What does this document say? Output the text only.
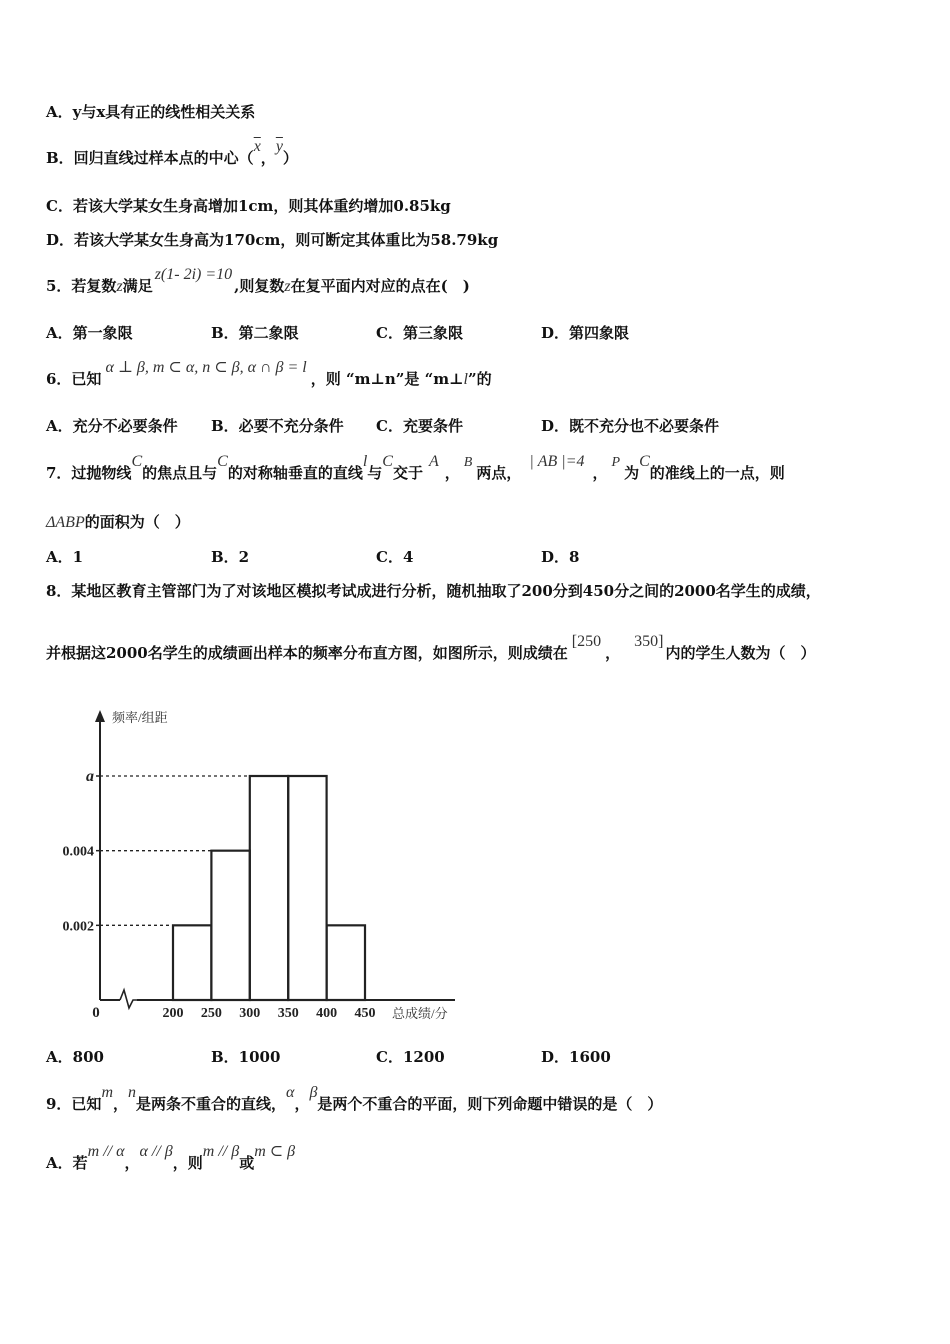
A．y与x具有正的线性相关关系
B．回归直线过样本点的中心（$\overline{x}$，$\overline{y}$）
C．若该大学某女生身高增加1cm，则其体重约增加0.85kg
D．若该大学某女生身高为170cm，则可断定其体重比为58.79kg
5．若复数z满足z(1- 2i) =10,则复数z在复平面内对应的点在(　)
A．第一象限	B．第二象限	C．第三象限	D．第四象限
6．已知α ⊥ β, m ⊂ α, n ⊂ β, α ∩ β = l，则 “m⊥n”是 “m⊥l”的
A．充分不必要条件 B．必要不充分条件 C．充要条件	D．既不充分也不必要条件
7．过抛物线C的焦点且与C的对称轴垂直的直线l与C交于A，B两点，| AB |=4，P为C的准线上的一点，则
ΔABP的面积为（　）
A．1	B．2	C．4	D．8
8．某地区教育主管部门为了对该地区模拟考试成进行分析，随机抽取了200分到450分之间的2000名学生的成绩，
并根据这2000名学生的成绩画出样本的频率分布直方图，如图所示，则成绩在[250，350]内的学生人数为（　）
频率/组距
0	总成绩/分
0.002
0.004
a
200 250 300 350 400 450
A．800	B．1000	C．1200	D．1600
9．已知m，n是两条不重合的直线，α，β是两个不重合的平面，则下列命题中错误的是（　）
A．若m // α，α // β，则m // β或m ⊂ β
